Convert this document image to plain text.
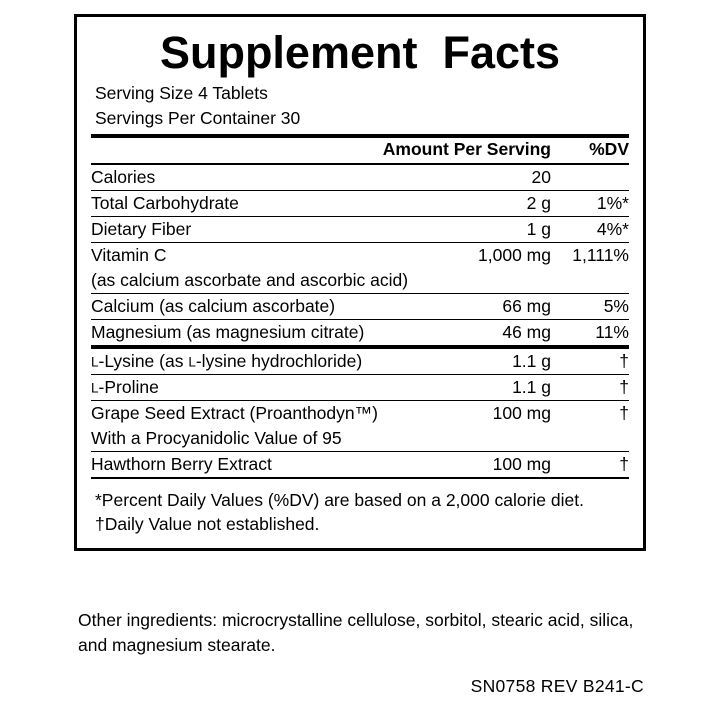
Supplement  Facts
Serving Size 4 Tablets
Servings Per Container 30
	Amount Per Serving	%DV
Calories	20	
Total Carbohydrate	2 g	1%*
Dietary Fiber	1 g	4%*
Vitamin C	1,000 mg	1,111%
(as calcium ascorbate and ascorbic acid)		
Calcium (as calcium ascorbate)	66 mg	5%
Magnesium (as magnesium citrate)	46 mg	11%
L-Lysine (as L-lysine hydrochloride)	1.1 g	†
L-Proline	1.1 g	†
Grape Seed Extract (Proanthodyn™)	100 mg	†
With a Procyanidolic Value of 95		
Hawthorn Berry Extract	100 mg	†

*Percent Daily Values (%DV) are based on a 2,000 calorie diet.
†Daily Value not established.
Other ingredients: microcrystalline cellulose, sorbitol, stearic acid, silica, and magnesium stearate.
SN0758 REV B241-C
